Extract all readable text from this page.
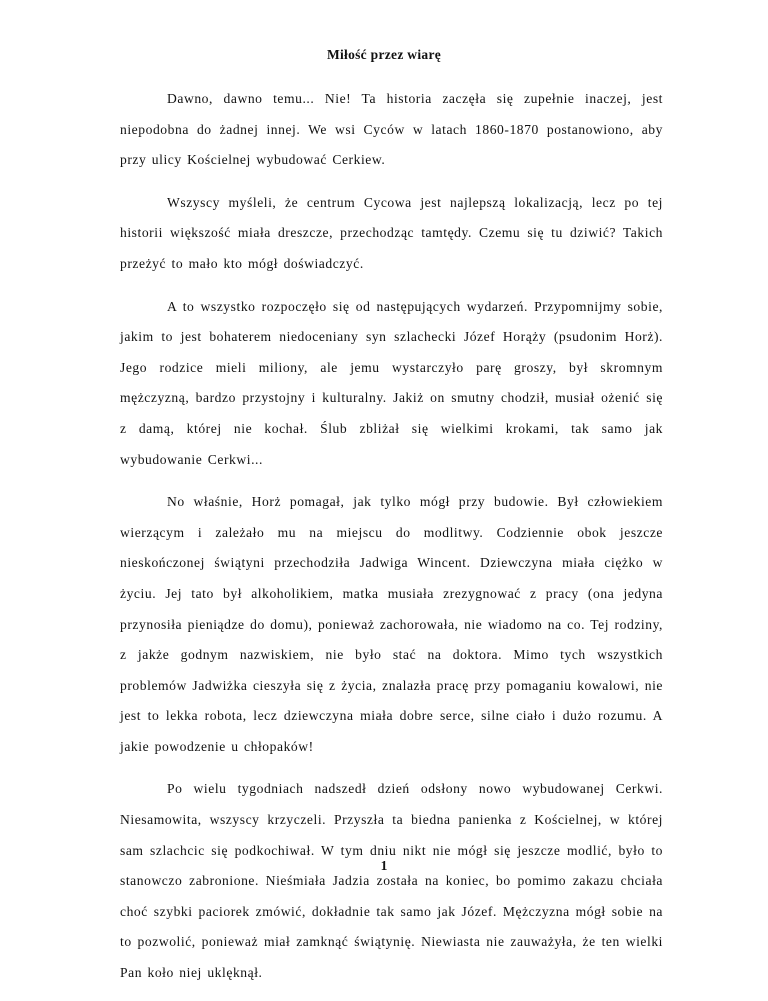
Miłość przez wiarę

Dawno, dawno temu... Nie! Ta historia zaczęła się zupełnie inaczej, jest niepodobna do żadnej innej. We wsi Cyców w latach 1860-1870 postanowiono, aby przy ulicy Kościelnej wybudować Cerkiew.

Wszyscy myśleli, że centrum Cycowa jest najlepszą lokalizacją, lecz po tej historii większość miała dreszcze, przechodząc tamtędy. Czemu się tu dziwić? Takich przeżyć to mało kto mógł doświadczyć.

A to wszystko rozpoczęło się od następujących wydarzeń. Przypomnijmy sobie, jakim to jest bohaterem niedoceniany syn szlachecki Józef Horąży (psudonim Horż). Jego rodzice mieli miliony, ale jemu wystarczyło parę groszy, był skromnym mężczyzną, bardzo przystojny i kulturalny. Jakiż on smutny chodził, musiał ożenić się z damą, której nie kochał. Ślub zbliżał się wielkimi krokami, tak samo jak wybudowanie Cerkwi...

No właśnie, Horż pomagał, jak tylko mógł przy budowie. Był człowiekiem wierzącym i zależało mu na miejscu do modlitwy. Codziennie obok jeszcze nieskończonej świątyni przechodziła Jadwiga Wincent. Dziewczyna miała ciężko w życiu. Jej tato był alkoholikiem, matka musiała zrezygnować z pracy (ona jedyna przynosiła pieniądze do domu), ponieważ zachorowała, nie wiadomo na co. Tej rodziny, z jakże godnym nazwiskiem, nie było stać na doktora. Mimo tych wszystkich problemów Jadwiżka cieszyła się z życia, znalazła pracę przy pomaganiu kowalowi, nie jest to lekka robota, lecz dziewczyna miała dobre serce, silne ciało i dużo rozumu. A jakie powodzenie u chłopaków!

Po wielu tygodniach nadszedł dzień odsłony nowo wybudowanej Cerkwi. Niesamowita, wszyscy krzyczeli. Przyszła ta biedna panienka z Kościelnej, w której sam szlachcic się podkochiwał. W tym dniu nikt nie mógł się jeszcze modlić, było to stanowczo zabronione. Nieśmiała Jadzia została na koniec, bo pomimo zakazu chciała choć szybki paciorek zmówić, dokładnie tak samo jak Józef. Mężczyzna mógł sobie na to pozwolić, ponieważ miał zamknąć świątynię. Niewiasta nie zauważyła, że ten wielki Pan koło niej uklęknął.

1
